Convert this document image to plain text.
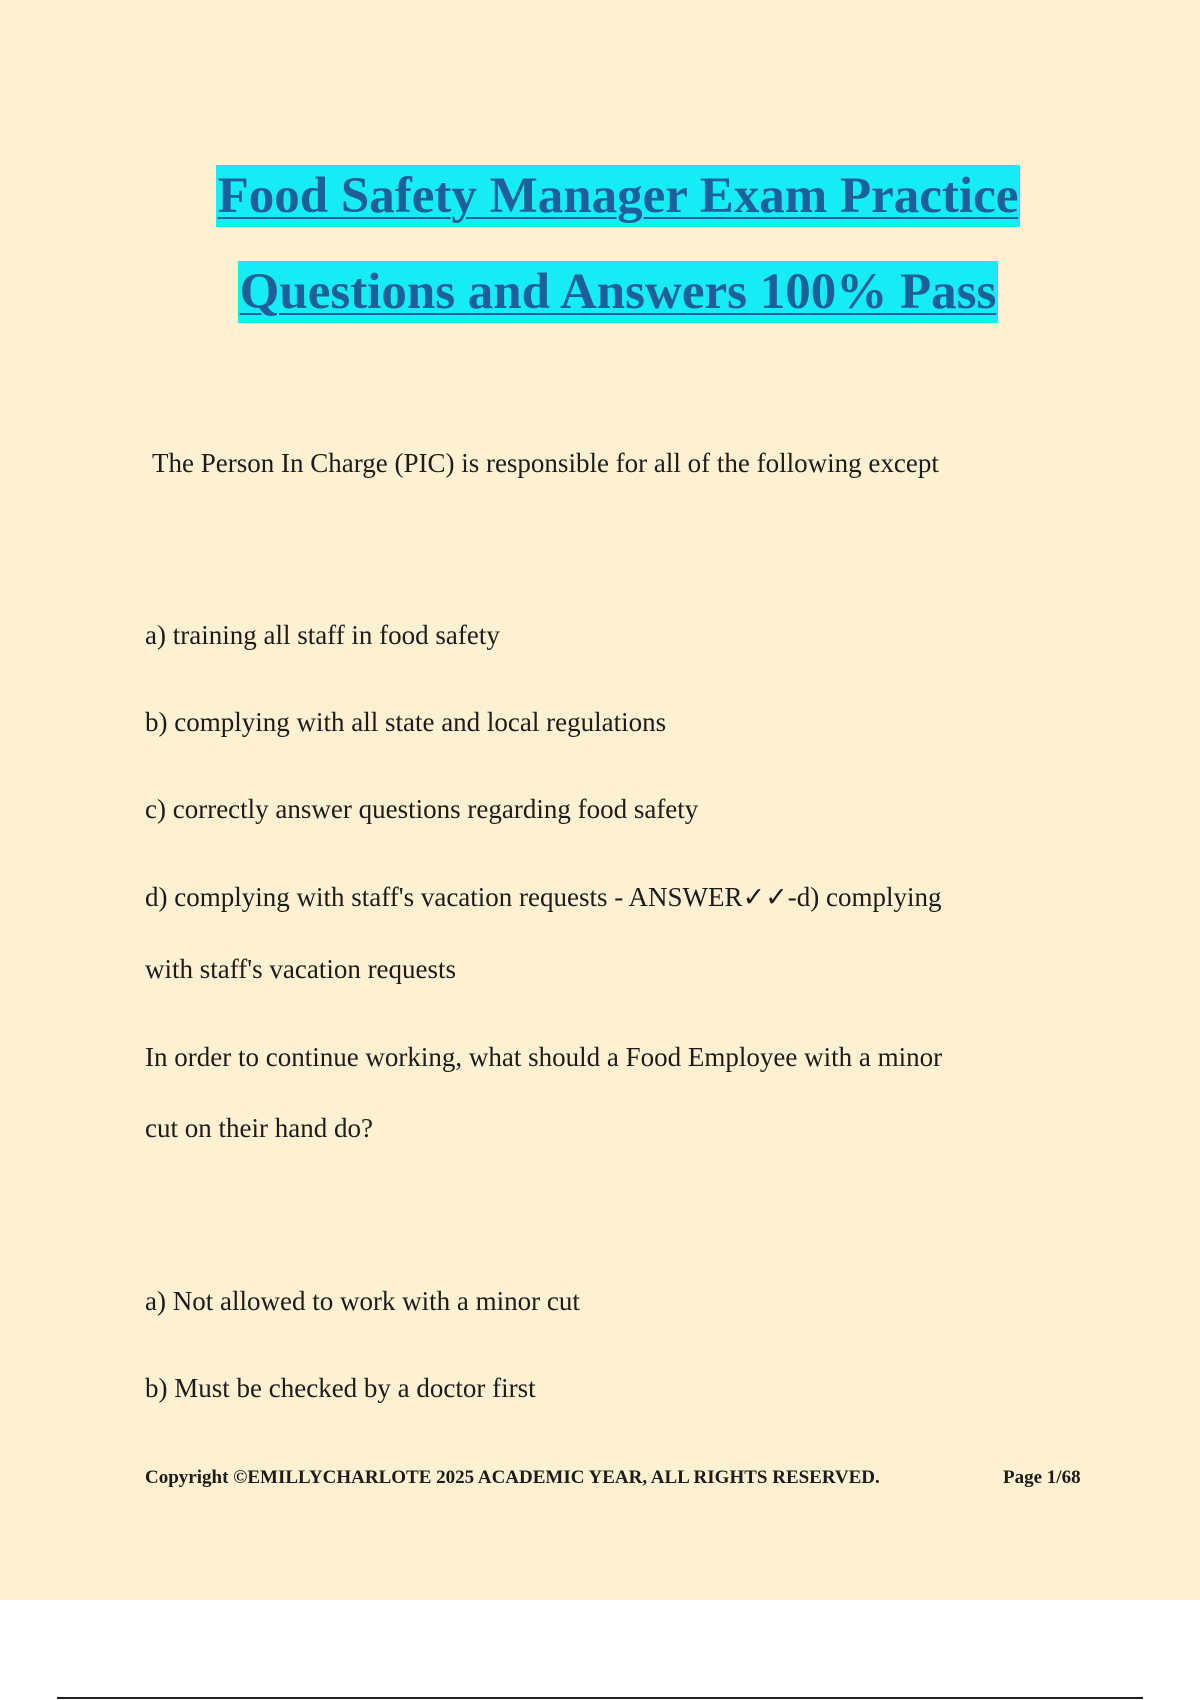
Food Safety Manager Exam Practice
Questions and Answers 100% Pass
The Person In Charge (PIC) is responsible for all of the following except
a) training all staff in food safety
b) complying with all state and local regulations
c) correctly answer questions regarding food safety
d) complying with staff's vacation requests - ANSWER✓✓-d) complying
with staff's vacation requests
In order to continue working, what should a Food Employee with a minor
cut on their hand do?
a) Not allowed to work with a minor cut
b) Must be checked by a doctor first
Copyright ©EMILLYCHARLOTE 2025 ACADEMIC YEAR, ALL RIGHTS RESERVED.	Page 1/68
